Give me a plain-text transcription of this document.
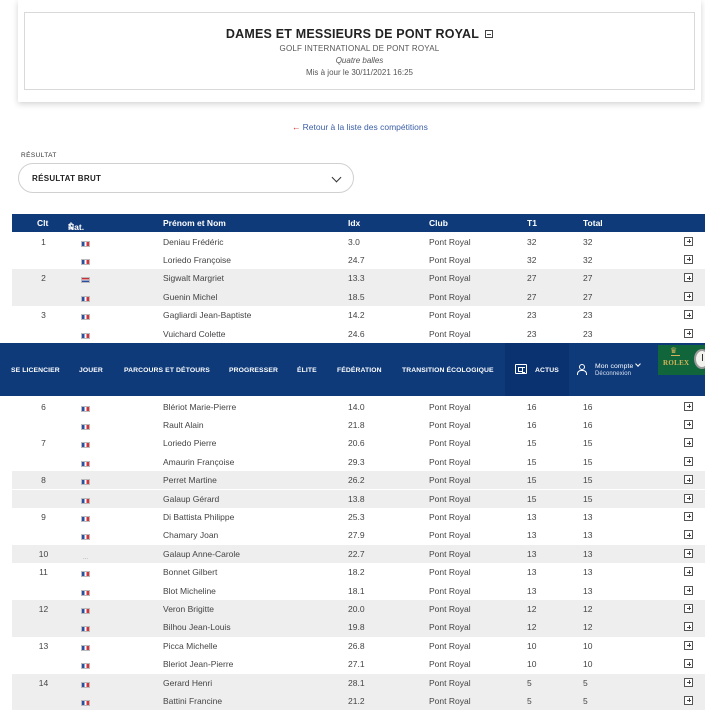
DAMES ET MESSIEURS DE PONT ROYAL
GOLF INTERNATIONAL DE PONT ROYAL
Quatre balles
Mis à jour le 30/11/2021 16:25
← Retour à la liste des compétitions
RÉSULTAT
RÉSULTAT BRUT
Clt Nat.	Prénom et Nom	Idx	Club	T1	Total
1	Deniau Frédéric	3.0	Pont Royal	32	32
Loriedo Françoise	24.7	Pont Royal	32	32
2	Sigwalt Margriet	13.3	Pont Royal	27	27
Guenin Michel	18.5	Pont Royal	27	27
3	Gagliardi Jean-Baptiste	14.2	Pont Royal	23	23
Vuichard Colette	24.6	Pont Royal	23	23
SE LICENCIER	JOUER	PARCOURS ET DÉTOURS	PROGRESSER	ÉLITE	FÉDÉRATION	TRANSITION ÉCOLOGIQUE	ACTUS
Mon compte
Déconnexion
♛
ROLEX
6	Blériot Marie-Pierre	14.0	Pont Royal	16	16
Rault Alain	21.8	Pont Royal	16	16
7	Loriedo Pierre	20.6	Pont Royal	15	15
Amaurin Françoise	29.3	Pont Royal	15	15
8	Perret Martine	26.2	Pont Royal	15	15
Galaup Gérard	13.8	Pont Royal	15	15
9	Di Battista Philippe	25.3	Pont Royal	13	13
Chamary Joan	27.9	Pont Royal	13	13
10	Galaup Anne-Carole	22.7	Pont Royal	13	13
...
11	Bonnet Gilbert	18.2	Pont Royal	13	13
Blot Micheline	18.1	Pont Royal	13	13
12	Veron Brigitte	20.0	Pont Royal	12	12
Bilhou Jean-Louis	19.8	Pont Royal	12	12
13	Picca Michelle	26.8	Pont Royal	10	10
Bleriot Jean-Pierre	27.1	Pont Royal	10	10
14	Gerard Henri	28.1	Pont Royal	5	5
Battini Francine	21.2	Pont Royal	5	5
